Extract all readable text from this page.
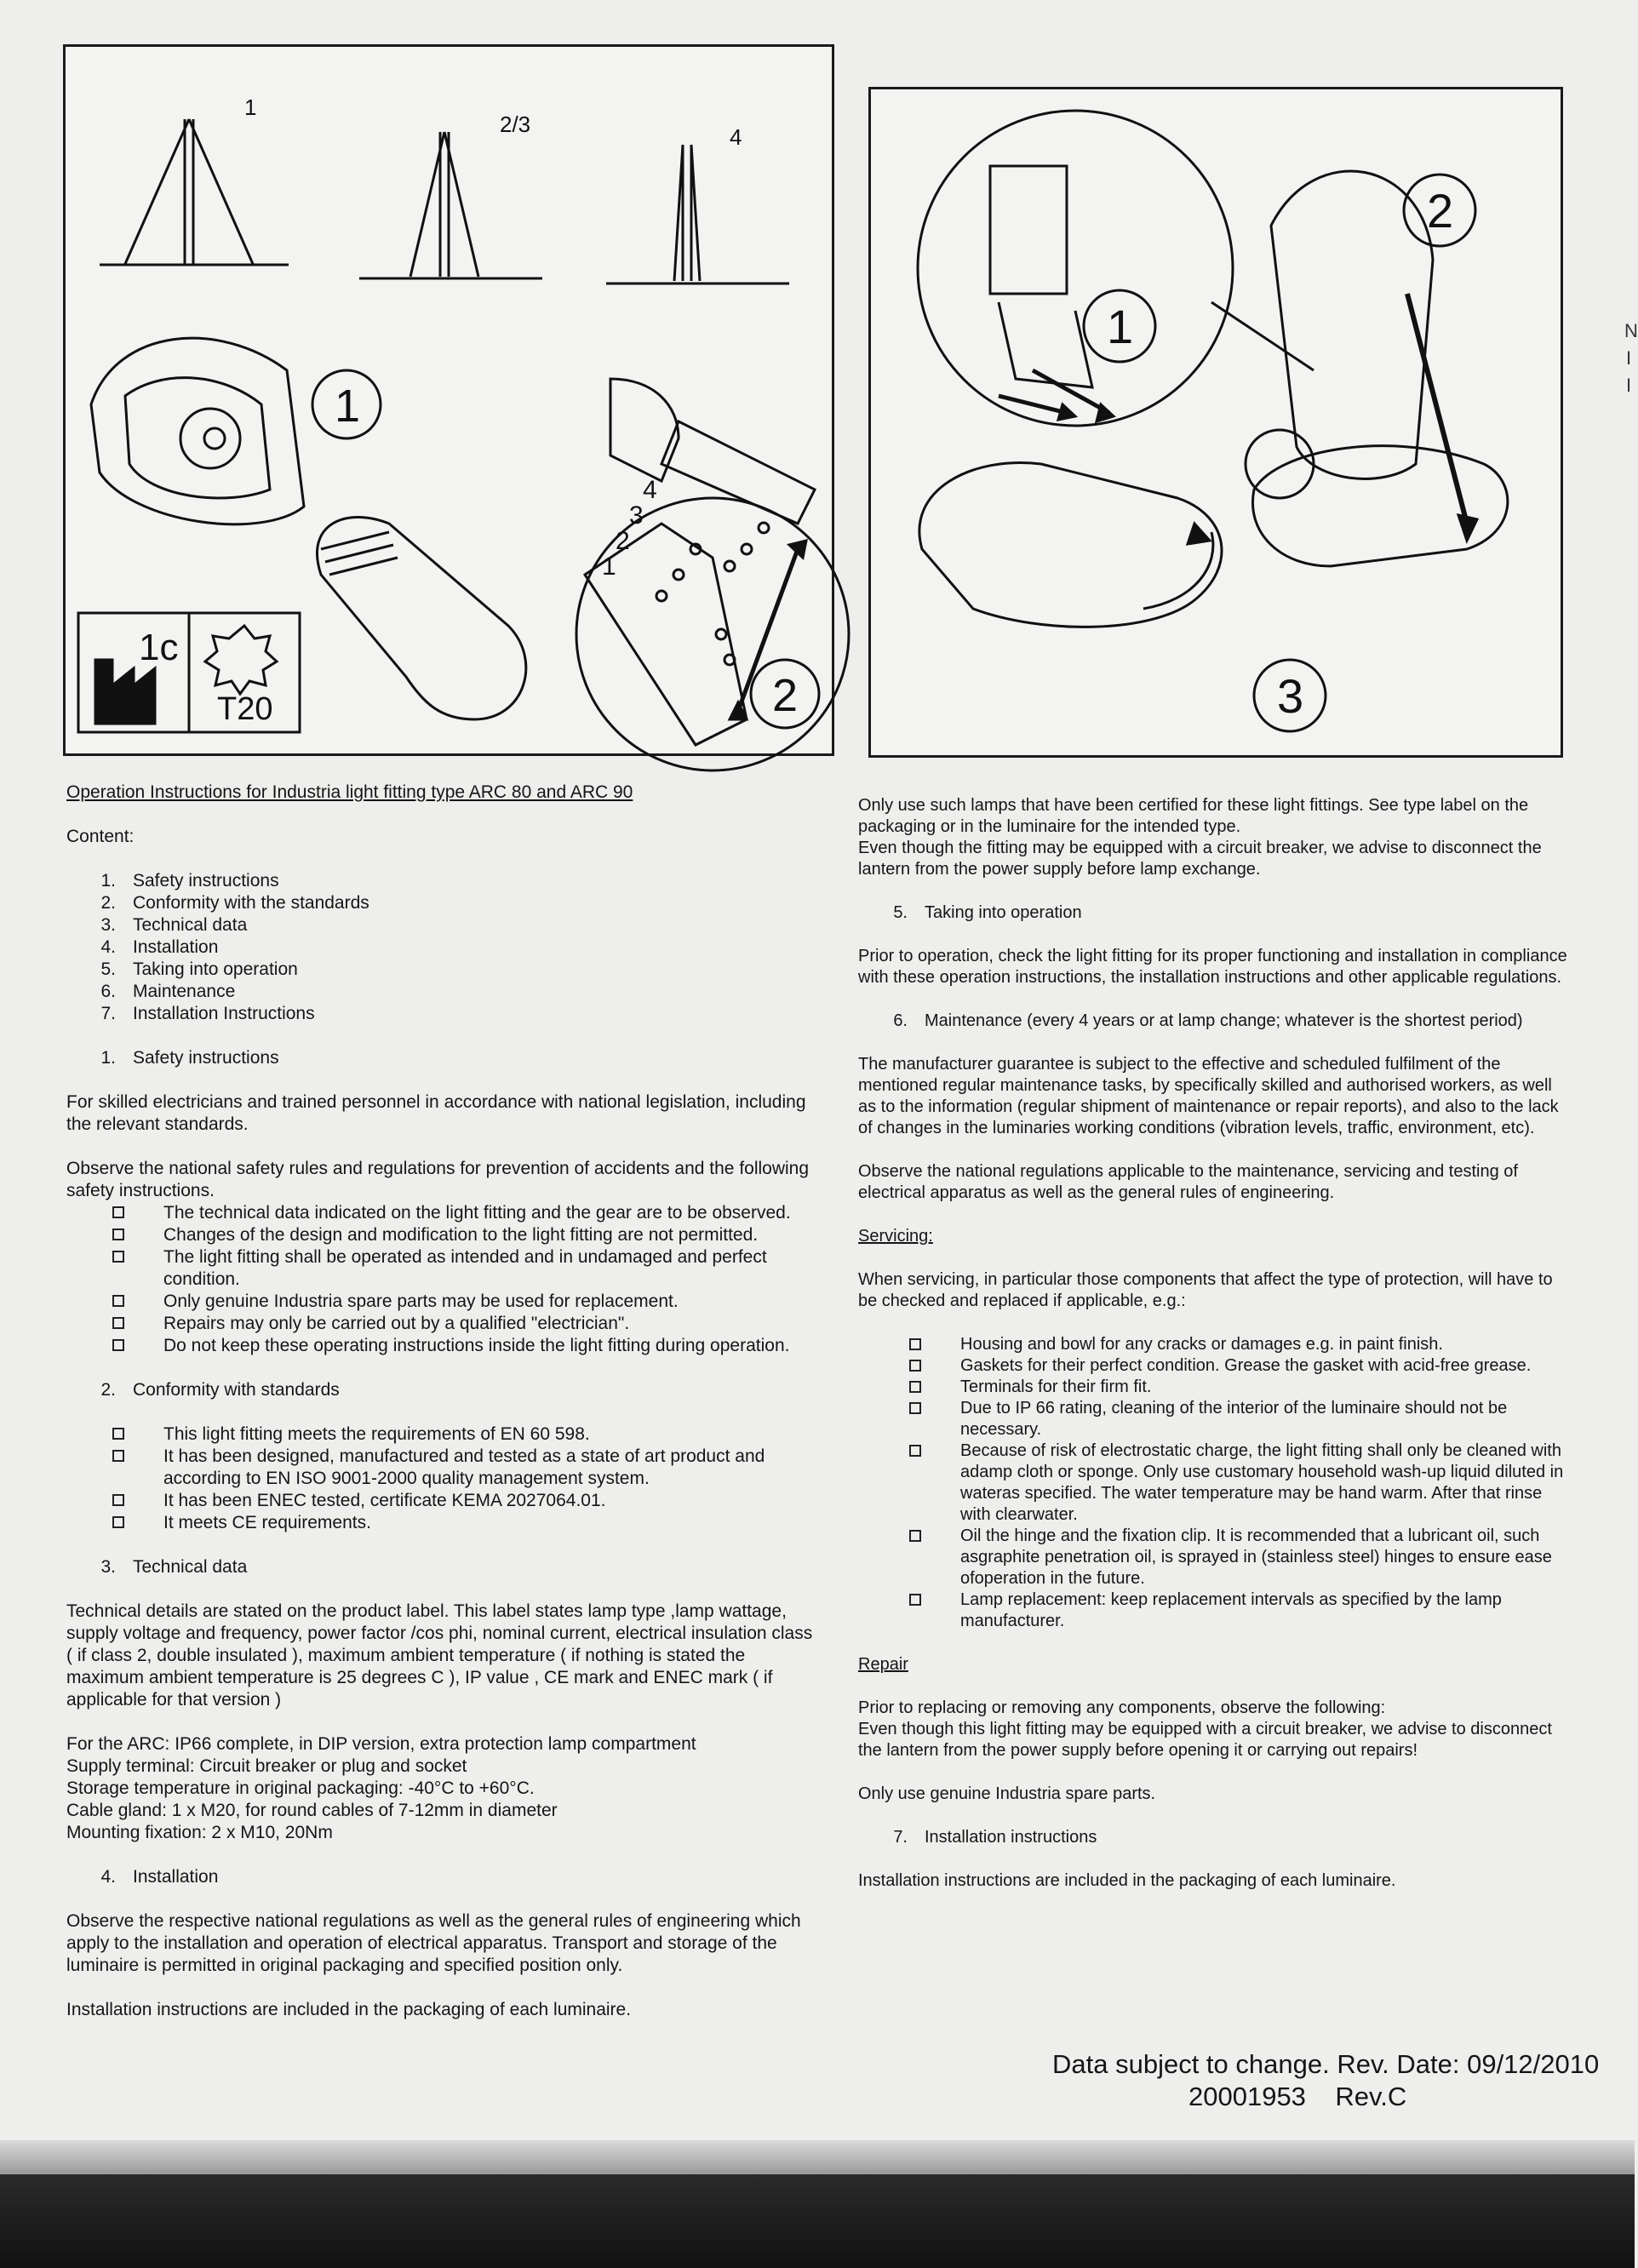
1
2/3	4
1
2
4
3
2
1
1c
T20
2
1
3
Operation Instructions for Industria light fitting type ARC 80 and ARC 90

Content:

1. Safety instructions
2. Conformity with the standards
3. Technical data
4. Installation
5. Taking into operation
6. Maintenance
7. Installation Instructions
1. Safety instructions

For skilled electricians and trained personnel in accordance with national legislation, including the relevant standards.

Observe the national safety rules and regulations for prevention of accidents and the following safety instructions.

The technical data indicated on the light fitting and the gear are to be observed.
Changes of the design and modification to the light fitting are not permitted.
The light fitting shall be operated as intended and in undamaged and perfect condition.
Only genuine Industria spare parts may be used for replacement.
Repairs may only be carried out by a qualified "electrician".
Do not keep these operating instructions inside the light fitting during operation.
2. Conformity with standards
This light fitting meets the requirements of EN 60 598.
It has been designed, manufactured and tested as a state of art product and according to EN ISO 9001-2000 quality management system.
It has been ENEC tested, certificate KEMA 2027064.01.
It meets CE requirements.
3. Technical data

Technical details are stated on the product label. This label states lamp type ,lamp wattage, supply voltage and frequency, power factor /cos phi, nominal current, electrical insulation class ( if class 2, double insulated ), maximum ambient temperature ( if nothing is stated the maximum ambient temperature is 25 degrees C ), IP value , CE mark and ENEC mark ( if applicable for that version )

For the ARC: IP66 complete, in DIP version, extra protection lamp compartment
Supply terminal: Circuit breaker or plug and socket
Storage temperature in original packaging: -40°C to +60°C.
Cable gland: 1 x M20, for round cables of 7-12mm in diameter
Mounting fixation: 2 x M10, 20Nm
4. Installation

Observe the respective national regulations as well as the general rules of engineering which apply to the installation and operation of electrical apparatus. Transport and storage of the luminaire is permitted in original packaging and specified position only.

Installation instructions are included in the packaging of each luminaire.

Only use such lamps that have been certified for these light fittings. See type label on the packaging or in the luminaire for the intended type.

Even though the fitting may be equipped with a circuit breaker, we advise to disconnect the lantern from the power supply before lamp exchange.

5.	Taking into operation

Prior to operation, check the light fitting for its proper functioning and installation in compliance with these operation instructions, the installation instructions and other applicable regulations.

6.	Maintenance (every 4 years or at lamp change; whatever is the shortest period)

The manufacturer guarantee is subject to the effective and scheduled fulfilment of the mentioned regular maintenance tasks, by specifically skilled and authorised workers, as well as to the information (regular shipment of maintenance or repair reports), and also to the lack of changes in the luminaries working conditions (vibration levels, traffic, environment, etc).

Observe the national regulations applicable to the maintenance, servicing and testing of electrical apparatus as well as the general rules of engineering.

Servicing:

When servicing, in particular those components that affect the type of protection, will have to be checked and replaced if applicable, e.g.:

Housing and bowl for any cracks or damages e.g. in paint finish.
Gaskets for their perfect condition. Grease the gasket with acid-free grease.
Terminals for their firm fit.
Due to IP 66 rating, cleaning of the interior of the luminaire should not be necessary.
Because of risk of electrostatic charge, the light fitting shall only be cleaned with adamp cloth or sponge. Only use customary household wash-up liquid diluted in wateras specified. The water temperature may be hand warm. After that rinse with clearwater.
Oil the hinge and the fixation clip. It is recommended that a lubricant oil, such asgraphite penetration oil, is sprayed in (stainless steel) hinges to ensure ease ofoperation in the future.
Lamp replacement: keep replacement intervals as specified by the lamp manufacturer.
Repair
Prior to replacing or removing any components, observe the following:

Even though this light fitting may be equipped with a circuit breaker, we advise to disconnect the lantern from the power supply before opening it or carrying out repairs!

Only use genuine Industria spare parts.

7.	Installation instructions

Installation instructions are included in the packaging of each luminaire.

Data subject to change. Rev. Date: 09/12/2010
20001953    Rev.C
N
I
I
